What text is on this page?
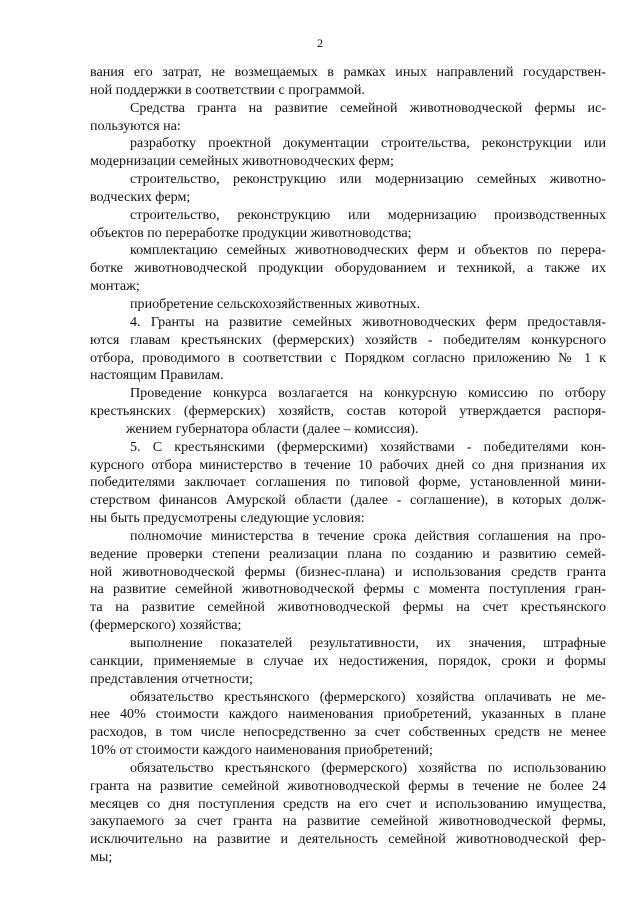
2
вания его затрат, не возмещаемых в рамках иных направлений государствен-
ной поддержки в соответствии с программой.
Средства гранта на развитие семейной животноводческой фермы ис-
пользуются на:
разработку проектной документации строительства, реконструкции или
модернизации семейных животноводческих ферм;
строительство, реконструкцию или модернизацию семейных животно-
водческих ферм;
строительство, реконструкцию или модернизацию производственных
объектов по переработке продукции животноводства;
комплектацию семейных животноводческих ферм и объектов по перера-
ботке животноводческой продукции оборудованием и техникой, а также их
монтаж;
приобретение сельскохозяйственных животных.
4. Гранты на развитие семейных животноводческих ферм предоставля-
ются главам крестьянских (фермерских) хозяйств - победителям конкурсного
отбора, проводимого в соответствии с Порядком согласно приложению № 1 к
настоящим Правилам.
Проведение конкурса возлагается на конкурсную комиссию по отбору
крестьянских (фермерских) хозяйств, состав которой утверждается распоря-
жением губернатора области (далее – комиссия).
5. С крестьянскими (фермерскими) хозяйствами - победителями кон-
курсного отбора министерство в течение 10 рабочих дней со дня признания их
победителями заключает соглашения по типовой форме, установленной мини-
стерством финансов Амурской области (далее - соглашение), в которых долж-
ны быть предусмотрены следующие условия:
полномочие министерства в течение срока действия соглашения на про-
ведение проверки степени реализации плана по созданию и развитию семей-
ной животноводческой фермы (бизнес-плана) и использования средств гранта
на развитие семейной животноводческой фермы с момента поступления гран-
та на развитие семейной животноводческой фермы на счет крестьянского
(фермерского) хозяйства;
выполнение показателей результативности, их значения, штрафные
санкции, применяемые в случае их недостижения, порядок, сроки и формы
представления отчетности;
обязательство крестьянского (фермерского) хозяйства оплачивать не ме-
нее 40% стоимости каждого наименования приобретений, указанных в плане
расходов, в том числе непосредственно за счет собственных средств не менее
10% от стоимости каждого наименования приобретений;
обязательство крестьянского (фермерского) хозяйства по использованию
гранта на развитие семейной животноводческой фермы в течение не более 24
месяцев со дня поступления средств на его счет и использованию имущества,
закупаемого за счет гранта на развитие семейной животноводческой фермы,
исключительно на развитие и деятельность семейной животноводческой фер-
мы;
